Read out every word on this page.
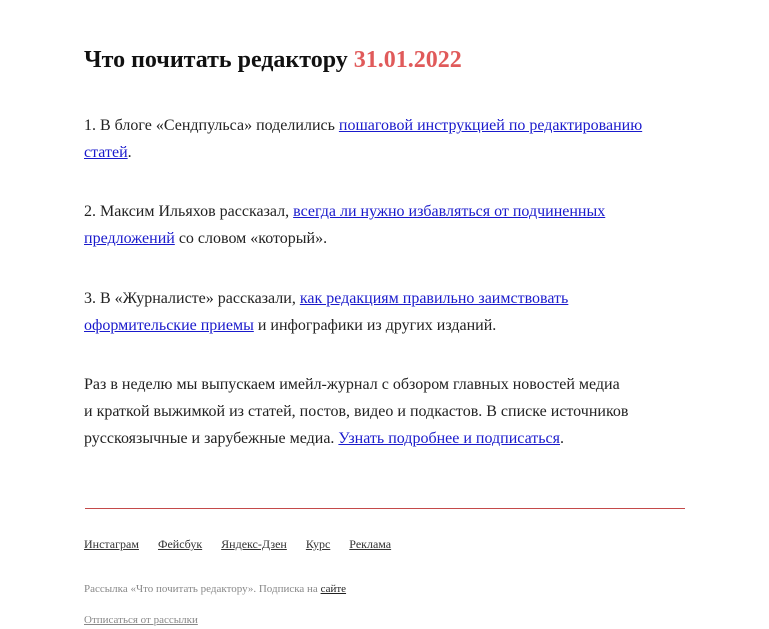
Что почитать редактору 31.01.2022

1. В блоге «Сендпульса» поделились пошаговой инструкцией по редактированию статей.

2. Максим Ильяхов рассказал, всегда ли нужно избавляться от подчиненных предложений со словом «который».

3. В «Журналисте» рассказали, как редакциям правильно заимствовать оформительские приемы и инфографики из других изданий.

Раз в неделю мы выпускаем имейл-журнал с обзором главных новостей медиа
и краткой выжимкой из статей, постов, видео и подкастов. В списке источников
русскоязычные и зарубежные медиа. Узнать подробнее и подписаться.

Инстаграм Фейсбук Яндекс-Дзен Курс Реклама
Рассылка «Что почитать редактору». Подписка на сайте
Отписаться от рассылки
